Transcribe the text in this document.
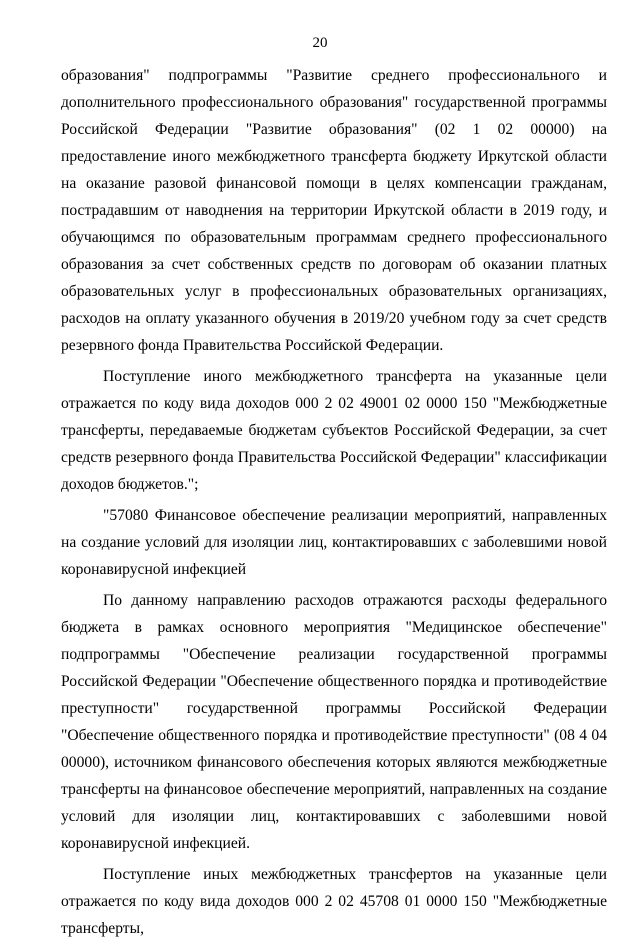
20

образования" подпрограммы "Развитие среднего профессионального и дополнительного профессионального образования" государственной программы Российской Федерации "Развитие образования" (02 1 02 00000) на предоставление иного межбюджетного трансферта бюджету Иркутской области на оказание разовой финансовой помощи в целях компенсации гражданам, пострадавшим от наводнения на территории Иркутской области в 2019 году, и обучающимся по образовательным программам среднего профессионального образования за счет собственных средств по договорам об оказании платных образовательных услуг в профессиональных образовательных организациях, расходов на оплату указанного обучения в 2019/20 учебном году за счет средств резервного фонда Правительства Российской Федерации.

Поступление иного межбюджетного трансферта на указанные цели отражается по коду вида доходов 000 2 02 49001 02 0000 150 "Межбюджетные трансферты, передаваемые бюджетам субъектов Российской Федерации, за счет средств резервного фонда Правительства Российской Федерации" классификации доходов бюджетов.";

"57080 Финансовое обеспечение реализации мероприятий, направленных на создание условий для изоляции лиц, контактировавших с заболевшими новой коронавирусной инфекцией

По данному направлению расходов отражаются расходы федерального бюджета в рамках основного мероприятия "Медицинское обеспечение" подпрограммы "Обеспечение реализации государственной программы Российской Федерации "Обеспечение общественного порядка и противодействие преступности" государственной программы Российской Федерации "Обеспечение общественного порядка и противодействие преступности" (08 4 04 00000), источником финансового обеспечения которых являются межбюджетные трансферты на финансовое обеспечение мероприятий, направленных на создание условий для изоляции лиц, контактировавших с заболевшими новой коронавирусной инфекцией.

Поступление иных межбюджетных трансфертов на указанные цели отражается по коду вида доходов 000 2 02 45708 01 0000 150 "Межбюджетные трансферты,
